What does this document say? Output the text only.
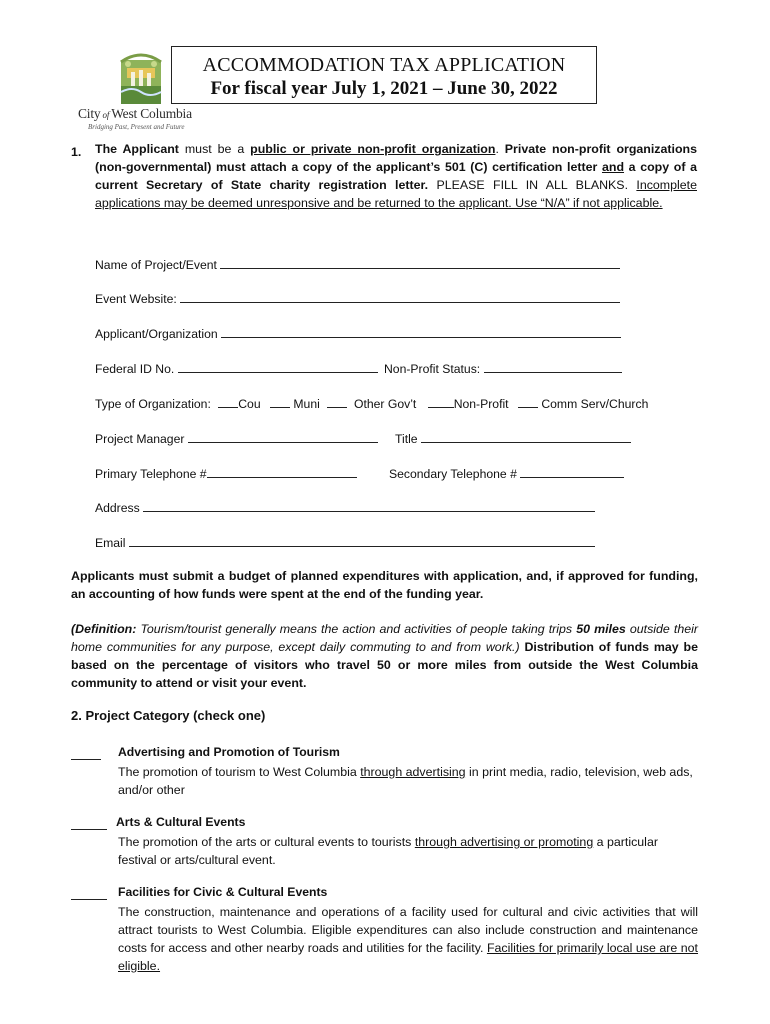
City of West Columbia
Bridging Past, Present and Future
ACCOMMODATION TAX APPLICATION
For fiscal year July 1, 2021 – June 30, 2022
1. The Applicant must be a public or private non-profit organization. Private non-profit organizations (non-governmental) must attach a copy of the applicant’s 501 (C) certification letter and a copy of a current Secretary of State charity registration letter. PLEASE FILL IN ALL BLANKS. Incomplete applications may be deemed unresponsive and be returned to the applicant. Use “N/A” if not applicable.
Name of Project/Event
Event Website:
Applicant/Organization
Federal ID No.	Non-Profit Status:
Type of Organization: Cou	Muni	Other Gov’t	Non-Profit	Comm Serv/Church
Project Manager	Title
Primary Telephone #	Secondary Telephone #
Address
Email
Applicants must submit a budget of planned expenditures with application, and, if approved for funding, an accounting of how funds were spent at the end of the funding year.
(Definition: Tourism/tourist generally means the action and activities of people taking trips 50 miles outside their home communities for any purpose, except daily commuting to and from work.) Distribution of funds may be based on the percentage of visitors who travel 50 or more miles from outside the West Columbia community to attend or visit your event.
2. Project Category (check one)
Advertising and Promotion of Tourism
The promotion of tourism to West Columbia through advertising in print media, radio, television, web ads, and/or other
Arts & Cultural Events
The promotion of the arts or cultural events to tourists through advertising or promoting a particular festival or arts/cultural event.
Facilities for Civic & Cultural Events
The construction, maintenance and operations of a facility used for cultural and civic activities that will attract tourists to West Columbia. Eligible expenditures can also include construction and maintenance costs for access and other nearby roads and utilities for the facility. Facilities for primarily local use are not eligible.
